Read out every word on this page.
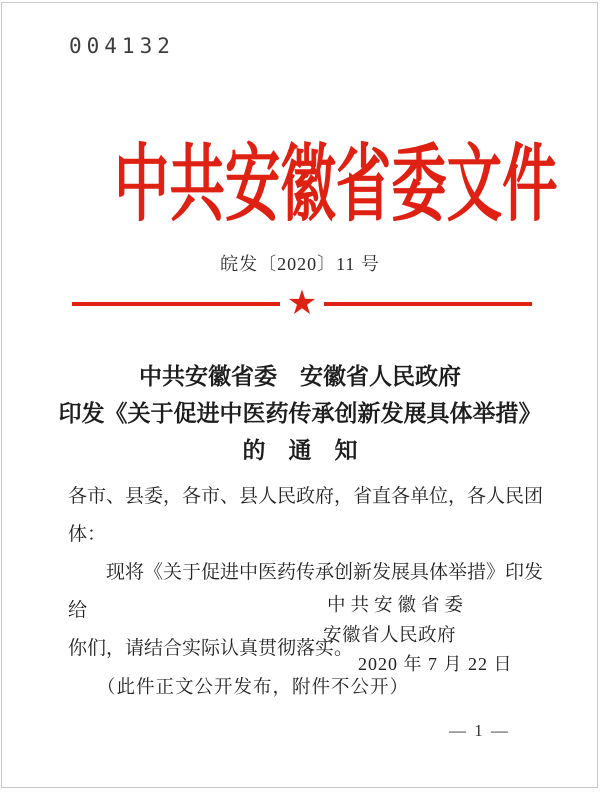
004132
中共安徽省委文件
皖发〔2020〕11 号
★
中共安徽省委　安徽省人民政府
印发《关于促进中医药传承创新发展具体举措》
的　通　知
各市、县委，各市、县人民政府，省直各单位，各人民团体：
现将《关于促进中医药传承创新发展具体举措》印发给
你们，请结合实际认真贯彻落实。
中共安徽省委
安徽省人民政府
2020 年 7 月 22 日
（此件正文公开发布，附件不公开）
— 1 —
